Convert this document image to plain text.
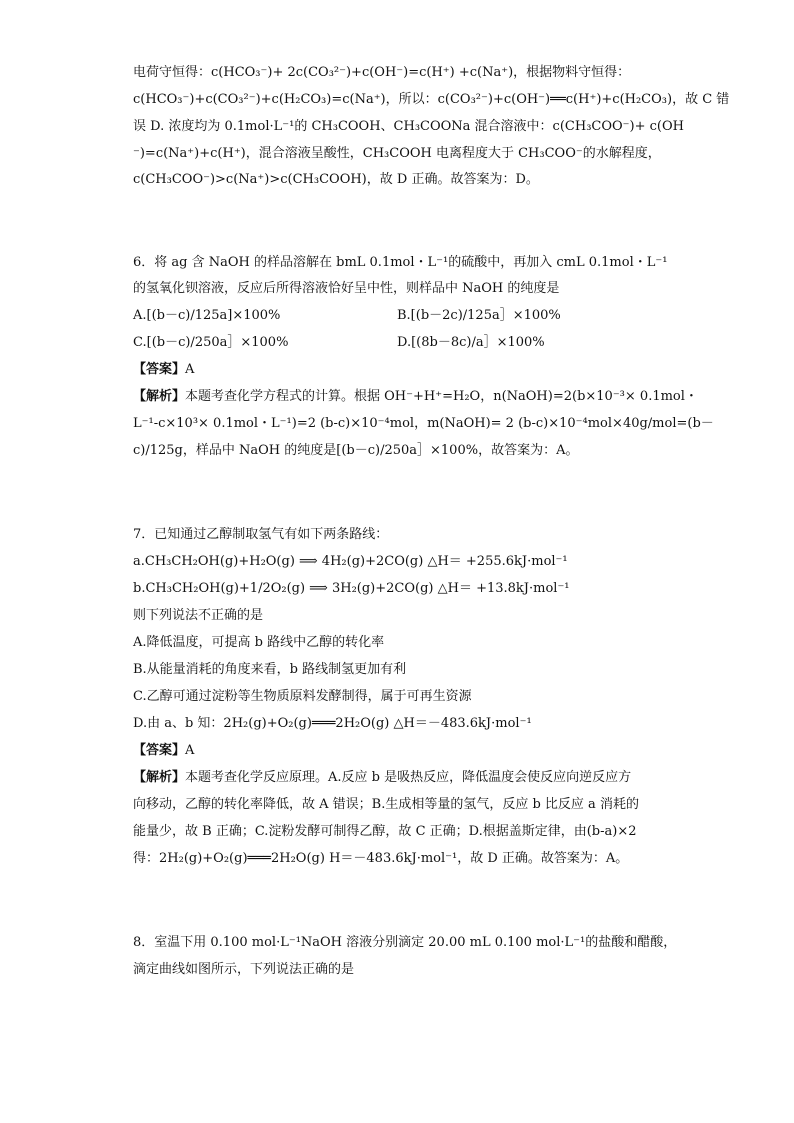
电荷守恒得：c(HCO₃⁻)+ 2c(CO₃²⁻)+c(OH⁻)=c(H⁺) +c(Na⁺)，根据物料守恒得：
c(HCO₃⁻)+c(CO₃²⁻)+c(H₂CO₃)=c(Na⁺)，所以：c(CO₃²⁻)+c(OH⁻)══c(H⁺)+c(H₂CO₃)，故 C 错
误 D. 浓度均为 0.1mol·L⁻¹的 CH₃COOH、CH₃COONa 混合溶液中：c(CH₃COO⁻)+ c(OH
⁻)=c(Na⁺)+c(H⁺)，混合溶液呈酸性，CH₃COOH 电离程度大于 CH₃COO⁻的水解程度，
c(CH₃COO⁻)>c(Na⁺)>c(CH₃COOH)，故 D 正确。故答案为：D。
6．将 ag 含 NaOH 的样品溶解在 bmL 0.1mol・L⁻¹的硫酸中，再加入 cmL 0.1mol・L⁻¹
的氢氧化钡溶液，反应后所得溶液恰好呈中性，则样品中 NaOH 的纯度是
A.[(b－c)/125a]×100%	B.[(b－2c)/125a］×100%
C.[(b－c)/250a］×100%	D.[(8b－8c)/a］×100%
【答案】A
【解析】本题考查化学方程式的计算。根据 OH⁻+H⁺=H₂O，n(NaOH)=2(b×10⁻³× 0.1mol・
L⁻¹-c×10³× 0.1mol・L⁻¹)=2 (b-c)×10⁻⁴mol，m(NaOH)= 2 (b-c)×10⁻⁴mol×40g/mol=(b－
c)/125g，样品中 NaOH 的纯度是[(b－c)/250a］×100%，故答案为：A。
7．已知通过乙醇制取氢气有如下两条路线：
a.CH₃CH₂OH(g)+H₂O(g) ⟹ 4H₂(g)+2CO(g) △H＝ +255.6kJ·mol⁻¹
b.CH₃CH₂OH(g)+1/2O₂(g) ⟹ 3H₂(g)+2CO(g) △H＝ +13.8kJ·mol⁻¹
则下列说法不正确的是
A.降低温度，可提高 b 路线中乙醇的转化率
B.从能量消耗的角度来看，b 路线制氢更加有利
C.乙醇可通过淀粉等生物质原料发酵制得，属于可再生资源
D.由 a、b 知：2H₂(g)+O₂(g)═══2H₂O(g) △H＝－483.6kJ·mol⁻¹
【答案】A
【解析】本题考查化学反应原理。A.反应 b 是吸热反应，降低温度会使反应向逆反应方
向移动，乙醇的转化率降低，故 A 错误；B.生成相等量的氢气，反应 b 比反应 a 消耗的
能量少，故 B 正确；C.淀粉发酵可制得乙醇，故 C 正确；D.根据盖斯定律，由(b-a)×2
得：2H₂(g)+O₂(g)═══2H₂O(g) H＝－483.6kJ·mol⁻¹，故 D 正确。故答案为：A。
8．室温下用 0.100 mol·L⁻¹NaOH 溶液分别滴定 20.00 mL 0.100 mol·L⁻¹的盐酸和醋酸，
滴定曲线如图所示，下列说法正确的是
